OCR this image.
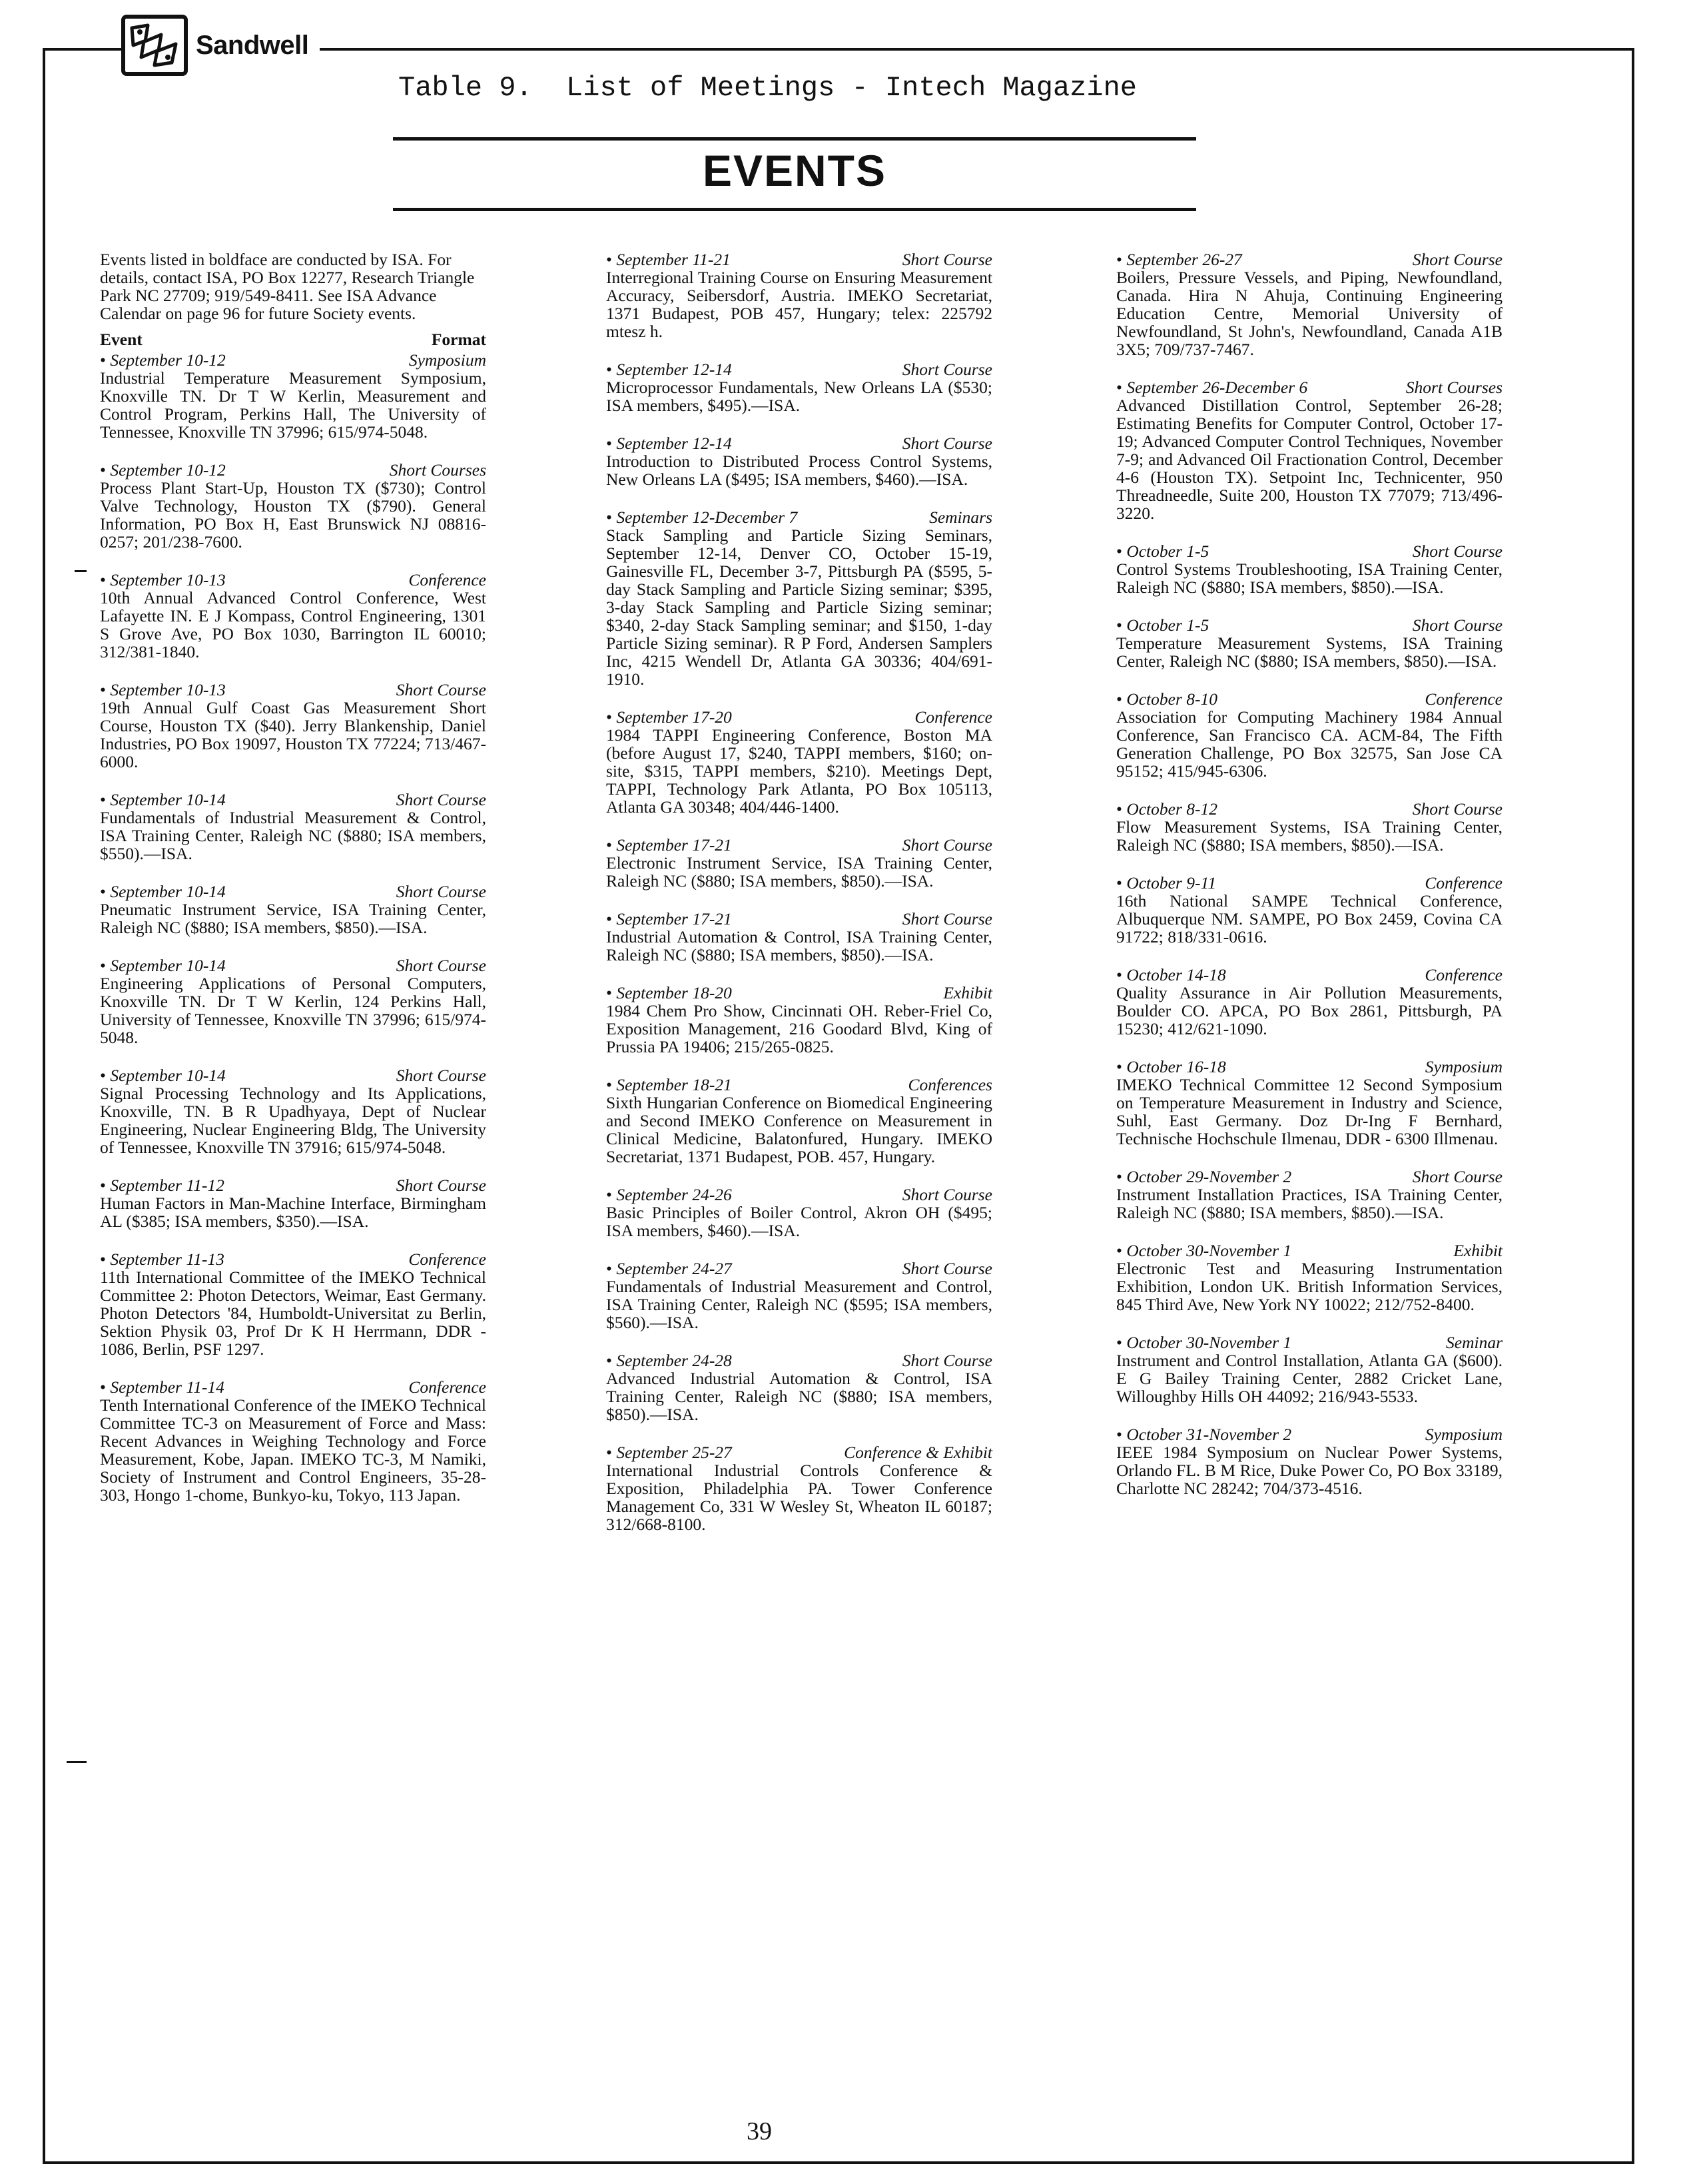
Sandwell
Table 9.  List of Meetings - Intech Magazine
EVENTS
Events listed in boldface are conducted by ISA. For details, contact ISA, PO Box 12277, Research Triangle Park NC 27709; 919/549-8411. See ISA Advance Calendar on page 96 for future Society events.
Event	Format
• September 10-12	Symposium
Industrial Temperature Measurement Symposium, Knoxville TN. Dr T W Kerlin, Measurement and Control Program, Perkins Hall, The University of Tennessee, Knoxville TN 37996; 615/974-5048.
• September 10-12	Short Courses
Process Plant Start-Up, Houston TX ($730); Control Valve Technology, Houston TX ($790). General Information, PO Box H, East Brunswick NJ 08816-0257; 201/238-7600.
• September 10-13	Conference
10th Annual Advanced Control Conference, West Lafayette IN. E J Kompass, Control Engineering, 1301 S Grove Ave, PO Box 1030, Barrington IL 60010; 312/381-1840.
• September 10-13	Short Course
19th Annual Gulf Coast Gas Measurement Short Course, Houston TX ($40). Jerry Blankenship, Daniel Industries, PO Box 19097, Houston TX 77224; 713/467-6000.
• September 10-14	Short Course
Fundamentals of Industrial Measurement & Control, ISA Training Center, Raleigh NC ($880; ISA members, $550).—ISA.
• September 10-14	Short Course
Pneumatic Instrument Service, ISA Training Center, Raleigh NC ($880; ISA members, $850).—ISA.
• September 10-14	Short Course
Engineering Applications of Personal Computers, Knoxville TN. Dr T W Kerlin, 124 Perkins Hall, University of Tennessee, Knoxville TN 37996; 615/974-5048.
• September 10-14	Short Course
Signal Processing Technology and Its Applications, Knoxville, TN. B R Upadhyaya, Dept of Nuclear Engineering, Nuclear Engineering Bldg, The University of Tennessee, Knoxville TN 37916; 615/974-5048.
• September 11-12	Short Course
Human Factors in Man-Machine Interface, Birmingham AL ($385; ISA members, $350).—ISA.
• September 11-13	Conference
11th International Committee of the IMEKO Technical Committee 2: Photon Detectors, Weimar, East Germany. Photon Detectors '84, Humboldt-Universitat zu Berlin, Sektion Physik 03, Prof Dr K H Herrmann, DDR - 1086, Berlin, PSF 1297.
• September 11-14	Conference
Tenth International Conference of the IMEKO Technical Committee TC-3 on Measurement of Force and Mass: Recent Advances in Weighing Technology and Force Measurement, Kobe, Japan. IMEKO TC-3, M Namiki, Society of Instrument and Control Engineers, 35-28-303, Hongo 1-chome, Bunkyo-ku, Tokyo, 113 Japan.
• September 11-21	Short Course
Interregional Training Course on Ensuring Measurement Accuracy, Seibersdorf, Austria. IMEKO Secretariat, 1371 Budapest, POB 457, Hungary; telex: 225792 mtesz h.
• September 12-14	Short Course
Microprocessor Fundamentals, New Orleans LA ($530; ISA members, $495).—ISA.
• September 12-14	Short Course
Introduction to Distributed Process Control Systems, New Orleans LA ($495; ISA members, $460).—ISA.
• September 12-December 7	Seminars
Stack Sampling and Particle Sizing Seminars, September 12-14, Denver CO, October 15-19, Gainesville FL, December 3-7, Pittsburgh PA ($595, 5-day Stack Sampling and Particle Sizing seminar; $395, 3-day Stack Sampling and Particle Sizing seminar; $340, 2-day Stack Sampling seminar; and $150, 1-day Particle Sizing seminar). R P Ford, Andersen Samplers Inc, 4215 Wendell Dr, Atlanta GA 30336; 404/691-1910.
• September 17-20	Conference
1984 TAPPI Engineering Conference, Boston MA (before August 17, $240, TAPPI members, $160; on-site, $315, TAPPI members, $210). Meetings Dept, TAPPI, Technology Park Atlanta, PO Box 105113, Atlanta GA 30348; 404/446-1400.
• September 17-21	Short Course
Electronic Instrument Service, ISA Training Center, Raleigh NC ($880; ISA members, $850).—ISA.
• September 17-21	Short Course
Industrial Automation & Control, ISA Training Center, Raleigh NC ($880; ISA members, $850).—ISA.
• September 18-20	Exhibit
1984 Chem Pro Show, Cincinnati OH. Reber-Friel Co, Exposition Management, 216 Goodard Blvd, King of Prussia PA 19406; 215/265-0825.
• September 18-21	Conferences
Sixth Hungarian Conference on Biomedical Engineering and Second IMEKO Conference on Measurement in Clinical Medicine, Balatonfured, Hungary. IMEKO Secretariat, 1371 Budapest, POB. 457, Hungary.
• September 24-26	Short Course
Basic Principles of Boiler Control, Akron OH ($495; ISA members, $460).—ISA.
• September 24-27	Short Course
Fundamentals of Industrial Measurement and Control, ISA Training Center, Raleigh NC ($595; ISA members, $560).—ISA.
• September 24-28	Short Course
Advanced Industrial Automation & Control, ISA Training Center, Raleigh NC ($880; ISA members, $850).—ISA.
• September 25-27	Conference & Exhibit
International Industrial Controls Conference & Exposition, Philadelphia PA. Tower Conference Management Co, 331 W Wesley St, Wheaton IL 60187; 312/668-8100.
• September 26-27	Short Course
Boilers, Pressure Vessels, and Piping, Newfoundland, Canada. Hira N Ahuja, Continuing Engineering Education Centre, Memorial University of Newfoundland, St John's, Newfoundland, Canada A1B 3X5; 709/737-7467.
• September 26-December 6	Short Courses
Advanced Distillation Control, September 26-28; Estimating Benefits for Computer Control, October 17-19; Advanced Computer Control Techniques, November 7-9; and Advanced Oil Fractionation Control, December 4-6 (Houston TX). Setpoint Inc, Technicenter, 950 Threadneedle, Suite 200, Houston TX 77079; 713/496-3220.
• October 1-5	Short Course
Control Systems Troubleshooting, ISA Training Center, Raleigh NC ($880; ISA members, $850).—ISA.
• October 1-5	Short Course
Temperature Measurement Systems, ISA Training Center, Raleigh NC ($880; ISA members, $850).—ISA.
• October 8-10	Conference
Association for Computing Machinery 1984 Annual Conference, San Francisco CA. ACM-84, The Fifth Generation Challenge, PO Box 32575, San Jose CA 95152; 415/945-6306.
• October 8-12	Short Course
Flow Measurement Systems, ISA Training Center, Raleigh NC ($880; ISA members, $850).—ISA.
• October 9-11	Conference
16th National SAMPE Technical Conference, Albuquerque NM. SAMPE, PO Box 2459, Covina CA 91722; 818/331-0616.
• October 14-18	Conference
Quality Assurance in Air Pollution Measurements, Boulder CO. APCA, PO Box 2861, Pittsburgh, PA 15230; 412/621-1090.
• October 16-18	Symposium
IMEKO Technical Committee 12 Second Symposium on Temperature Measurement in Industry and Science, Suhl, East Germany. Doz Dr-Ing F Bernhard, Technische Hochschule Ilmenau, DDR - 6300 Illmenau.
• October 29-November 2	Short Course
Instrument Installation Practices, ISA Training Center, Raleigh NC ($880; ISA members, $850).—ISA.
• October 30-November 1	Exhibit
Electronic Test and Measuring Instrumentation Exhibition, London UK. British Information Services, 845 Third Ave, New York NY 10022; 212/752-8400.
• October 30-November 1	Seminar
Instrument and Control Installation, Atlanta GA ($600). E G Bailey Training Center, 2882 Cricket Lane, Willoughby Hills OH 44092; 216/943-5533.
• October 31-November 2	Symposium
IEEE 1984 Symposium on Nuclear Power Systems, Orlando FL. B M Rice, Duke Power Co, PO Box 33189, Charlotte NC 28242; 704/373-4516.
39
